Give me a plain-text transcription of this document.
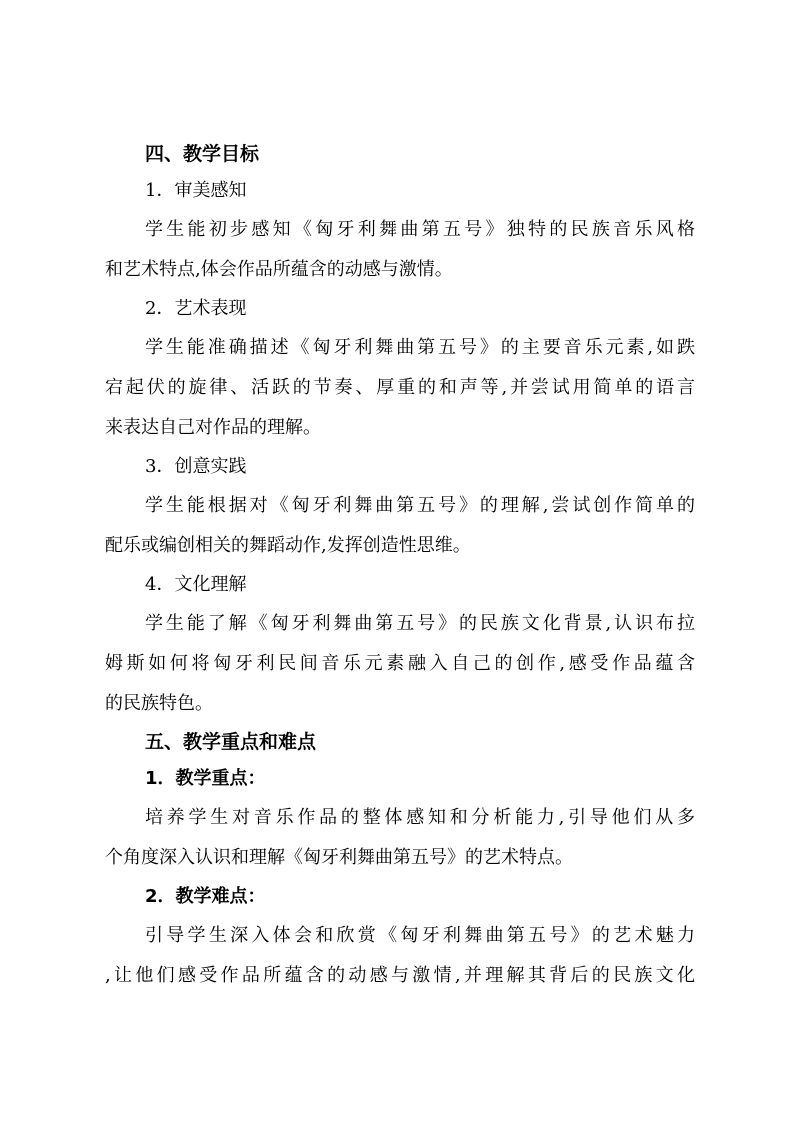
四、教学目标
1．审美感知

学生能初步感知《匈牙利舞曲第五号》独特的民族音乐风格
和艺术特点,体会作品所蕴含的动感与激情。

2．艺术表现

学生能准确描述《匈牙利舞曲第五号》的主要音乐元素,如跌
宕起伏的旋律、活跃的节奏、厚重的和声等,并尝试用简单的语言
来表达自己对作品的理解。

3．创意实践

学生能根据对《匈牙利舞曲第五号》的理解,尝试创作简单的
配乐或编创相关的舞蹈动作,发挥创造性思维。

4．文化理解

学生能了解《匈牙利舞曲第五号》的民族文化背景,认识布拉
姆斯如何将匈牙利民间音乐元素融入自己的创作,感受作品蕴含
的民族特色。

五、教学重点和难点
1．教学重点：

培养学生对音乐作品的整体感知和分析能力,引导他们从多
个角度深入认识和理解《匈牙利舞曲第五号》的艺术特点。

2．教学难点：

引导学生深入体会和欣赏《匈牙利舞曲第五号》的艺术魅力
,让他们感受作品所蕴含的动感与激情,并理解其背后的民族文化
